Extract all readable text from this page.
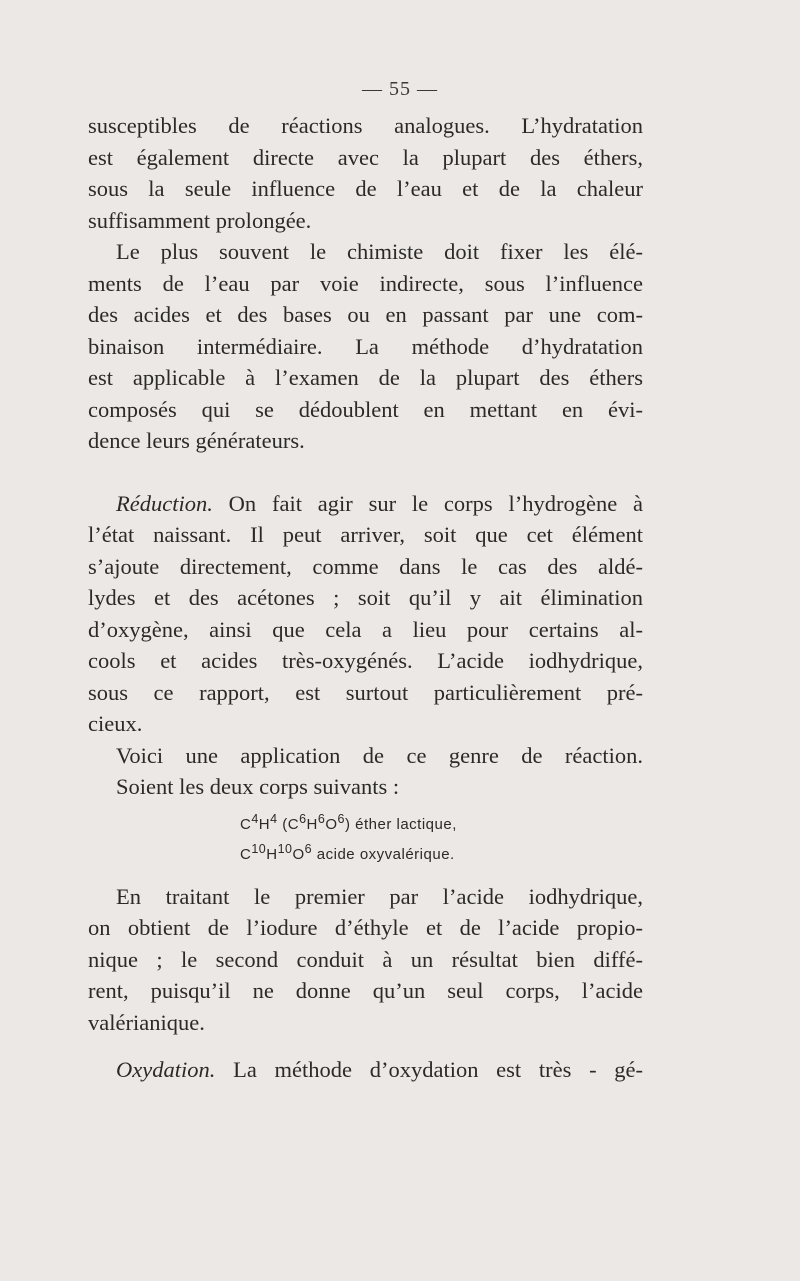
— 55 —

susceptibles de réactions analogues. L’hydratation

est également directe avec la plupart des éthers,

sous la seule influence de l’eau et de la chaleur

suffisamment prolongée.

Le plus souvent le chimiste doit fixer les élé-

ments de l’eau par voie indirecte, sous l’influence

des acides et des bases ou en passant par une com-

binaison intermédiaire. La méthode d’hydratation

est applicable à l’examen de la plupart des éthers

composés qui se dédoublent en mettant en évi-

dence leurs générateurs.

Réduction. On fait agir sur le corps l’hydrogène à

l’état naissant. Il peut arriver, soit que cet élément

s’ajoute directement, comme dans le cas des aldé-

lydes et des acétones ; soit qu’il y ait élimination

d’oxygène, ainsi que cela a lieu pour certains al-

cools et acides très-oxygénés. L’acide iodhydrique,

sous ce rapport, est surtout particulièrement pré-

cieux.

Voici une application de ce genre de réaction.

Soient les deux corps suivants :

$C^4H^4$ $(C^6H^6O^6)$ éther lactique,
$C^{10}H^{10}O^6$ acide oxyvalérique.

En traitant le premier par l’acide iodhydrique,

on obtient de l’iodure d’éthyle et de l’acide propio-

nique ; le second conduit à un résultat bien diffé-

rent, puisqu’il ne donne qu’un seul corps, l’acide

valérianique.

Oxydation. La méthode d’oxydation est très - gé-
